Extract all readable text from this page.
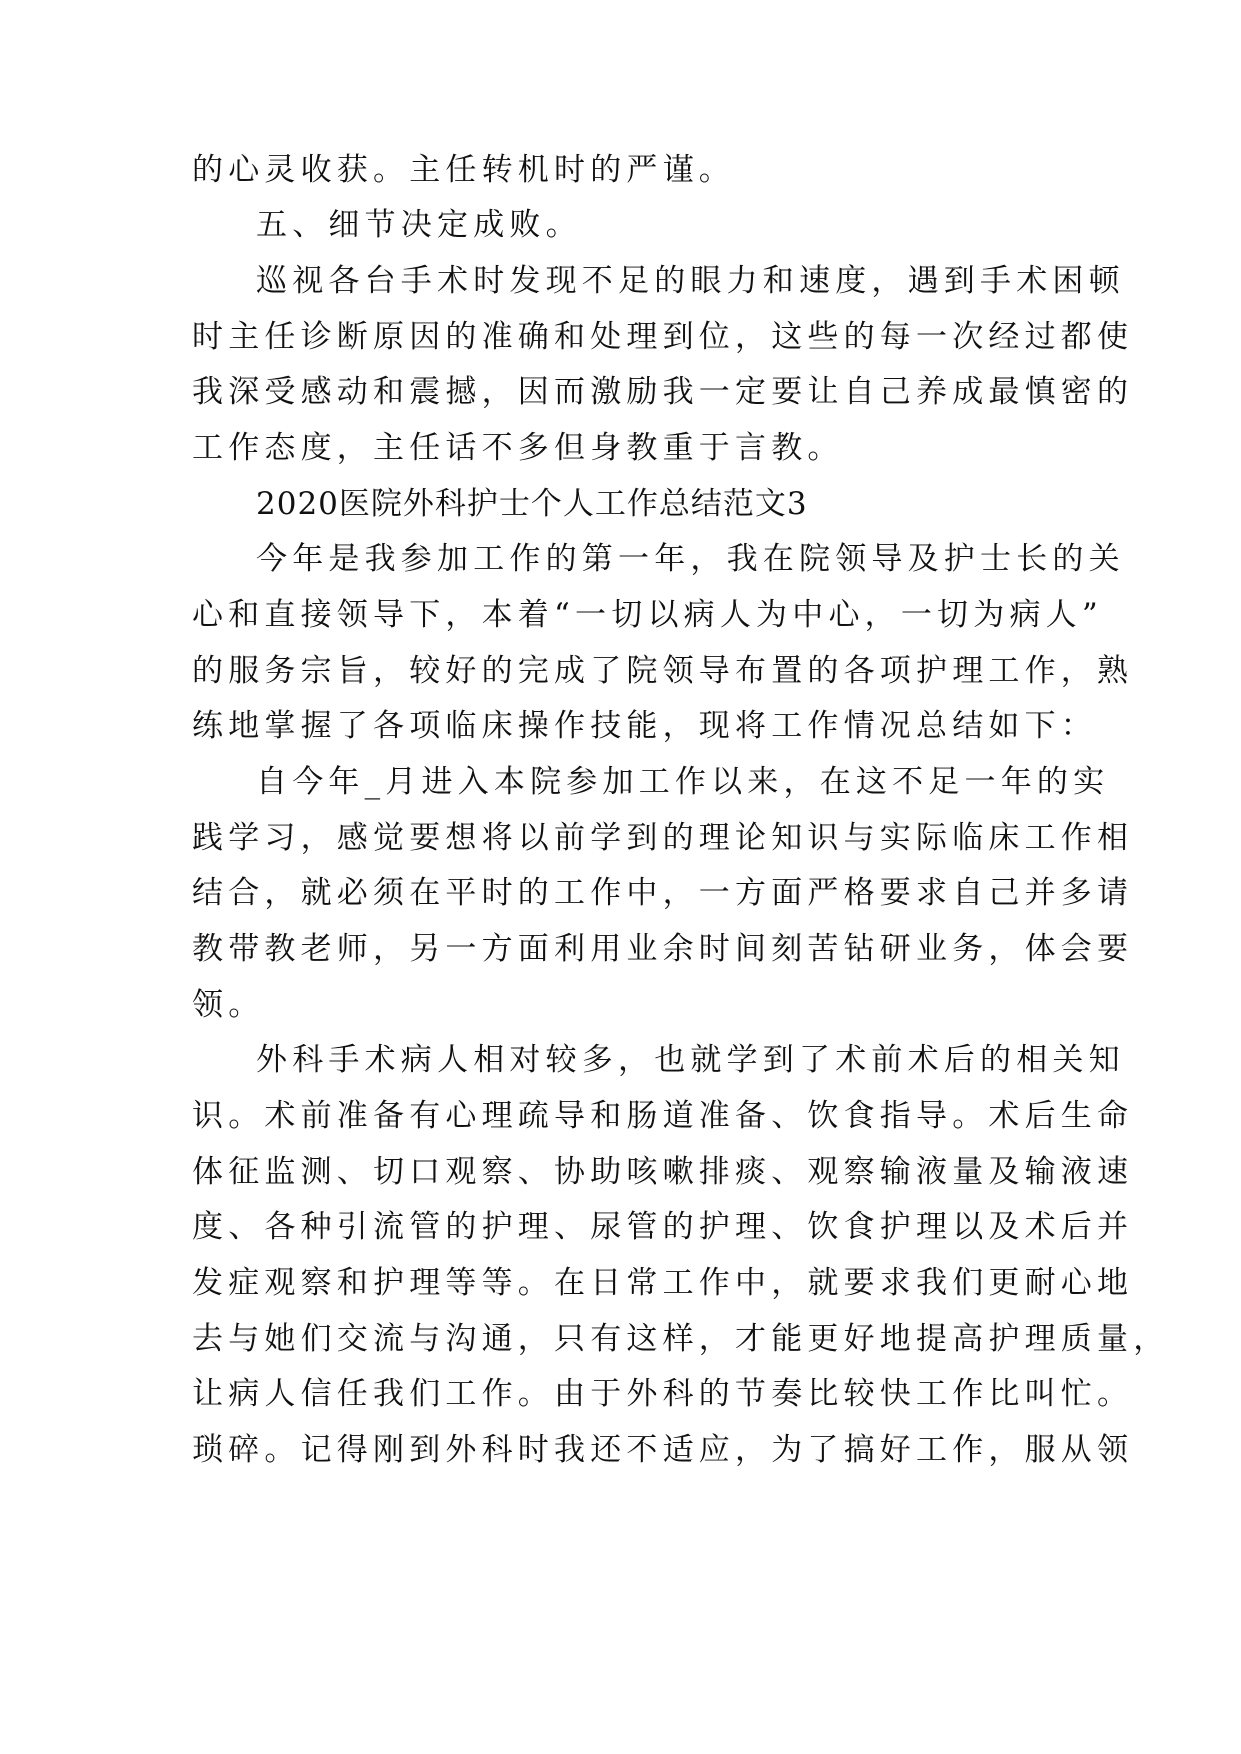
的心灵收获。主任转机时的严谨。

五、细节决定成败。

巡视各台手术时发现不足的眼力和速度，遇到手术困顿

时主任诊断原因的准确和处理到位，这些的每一次经过都使

我深受感动和震撼，因而激励我一定要让自己养成最慎密的

工作态度，主任话不多但身教重于言教。

2020医院外科护士个人工作总结范文3

今年是我参加工作的第一年，我在院领导及护士长的关

心和直接领导下，本着“一切以病人为中心，一切为病人”

的服务宗旨，较好的完成了院领导布置的各项护理工作，熟

练地掌握了各项临床操作技能，现将工作情况总结如下：

自今年_月进入本院参加工作以来，在这不足一年的实

践学习，感觉要想将以前学到的理论知识与实际临床工作相

结合，就必须在平时的工作中，一方面严格要求自己并多请

教带教老师，另一方面利用业余时间刻苦钻研业务，体会要

领。

外科手术病人相对较多，也就学到了术前术后的相关知

识。术前准备有心理疏导和肠道准备、饮食指导。术后生命

体征监测、切口观察、协助咳嗽排痰、观察输液量及输液速

度、各种引流管的护理、尿管的护理、饮食护理以及术后并

发症观察和护理等等。在日常工作中，就要求我们更耐心地

去与她们交流与沟通，只有这样，才能更好地提高护理质量，

让病人信任我们工作。由于外科的节奏比较快工作比叫忙。

琐碎。记得刚到外科时我还不适应，为了搞好工作，服从领
